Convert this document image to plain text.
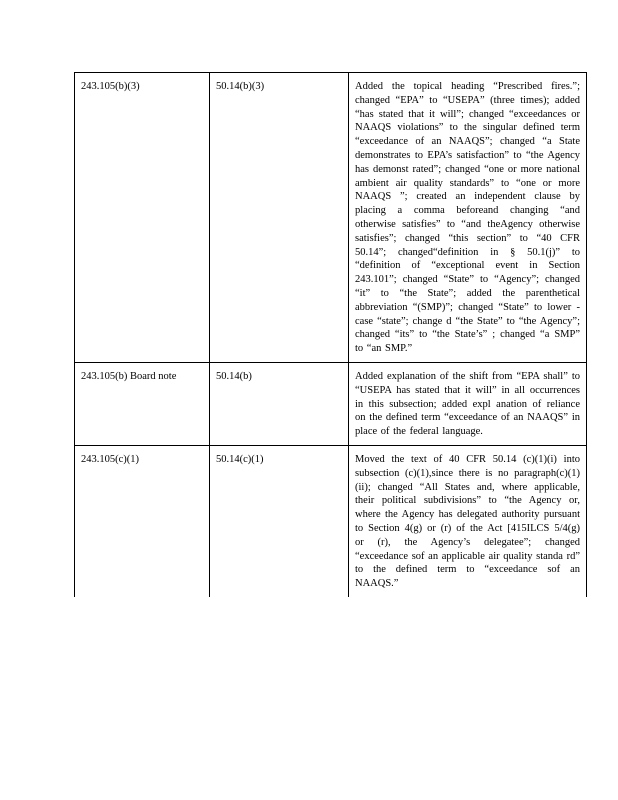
243.105(b)(3)	50.14(b)(3)	Added the topical heading “Prescribed fires.”; changed “EPA” to “USEPA” (three times); added “has stated that it will”; changed “exceedances or NAAQS violations” to the singular defined term “exceedance of an NAAQS”; changed “a State demonstrates to EPA’s satisfaction” to “the Agency has demonst rated”; changed “one or more national ambient air quality standards” to “one or more NAAQS ”; created an independent clause by placing a comma beforeand changing “and otherwise satisfies” to “and theAgency otherwise satisfies”; changed “this section” to “40 CFR 50.14”; changed“definition in § 50.1(j)” to “definition of “exceptional event in Section 243.101”; changed “State” to “Agency”; changed “it” to “the State”; added the parenthetical abbreviation “(SMP)”; changed “State” to lower -case “state”; change d “the State” to “the Agency”; changed “its” to “the State’s” ; changed “a SMP” to “an SMP.”

243.105(b) Board note	50.14(b)	Added explanation of the shift from “EPA shall” to “USEPA has stated that it will” in all occurrences in this subsection; added expl anation of reliance on the defined term “exceedance of an NAAQS” in place of the federal language.

243.105(c)(1)	50.14(c)(1)	Moved the text of 40 CFR 50.14 (c)(1)(i) into subsection (c)(1),since there is no paragraph(c)(1)(ii); changed “All States and, where applicable, their political subdivisions” to “the Agency or, where the Agency has delegated authority pursuant to Section 4(g) or (r) of the Act [415ILCS 5/4(g) or (r), the Agency’s delegatee”; changed “exceedance sof an applicable air quality standa rd” to the defined term to “exceedance sof an NAAQS.”
